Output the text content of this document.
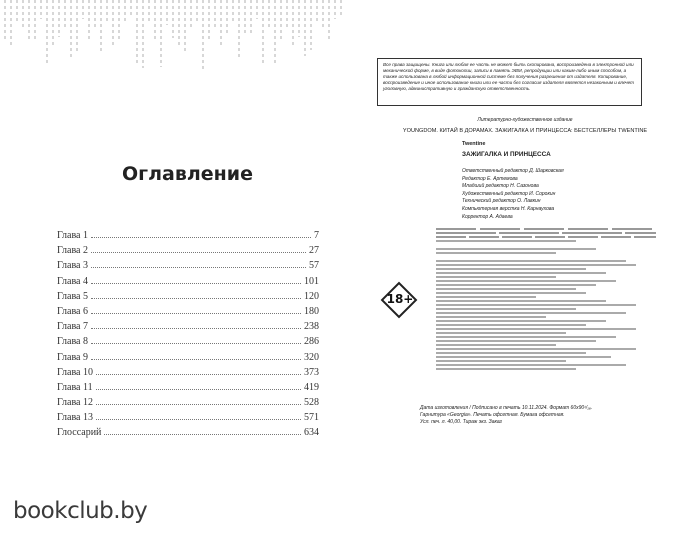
Оглавление
Глава 1	7
Глава 2	27
Глава 3	57
Глава 4	101
Глава 5	120
Глава 6	180
Глава 7	238
Глава 8	286
Глава 9	320
Глава 10	373
Глава 11	419
Глава 12	528
Глава 13	571
Глоссарий	634
bookclub.by
Все права защищены. Книга или любая ее часть не может быть скопирована, воспроизведена в электронной или механической форме, в виде фотокопии, записи в память ЭВМ, репродукции или каким-либо иным способом, а также использована в любой информационной системе без получения разрешения от издателя. Копирование, воспроизведение и иное использование книги или ее части без согласия издателя является незаконным и влечет уголовную, административную и гражданскую ответственность.
Литературно-художественное издание
YOUNGDOM. КИТАЙ В ДОРАМАХ. ЗАЖИГАЛКА И ПРИНЦЕССА: БЕСТСЕЛЛЕРЫ TWENTINE
Twentine
ЗАЖИГАЛКА И ПРИНЦЕССА
Ответственный редактор Д. Шарковская
Редактор Е. Артемова
Младший редактор Н. Сазонова
Художественный редактор И. Сорокин
Технический редактор О. Лавкин
Компьютерная верстка Н. Карнаухова
Корректор А. Адаева
18+
Дата изготовления / Подписано в печать 10.11.2024. Формат 60x90¹/₁₆.
Гарнитура «Georgia». Печать офсетная. Бумага офсетная.
Усл. печ. л. 40,00. Тираж экз. Заказ
